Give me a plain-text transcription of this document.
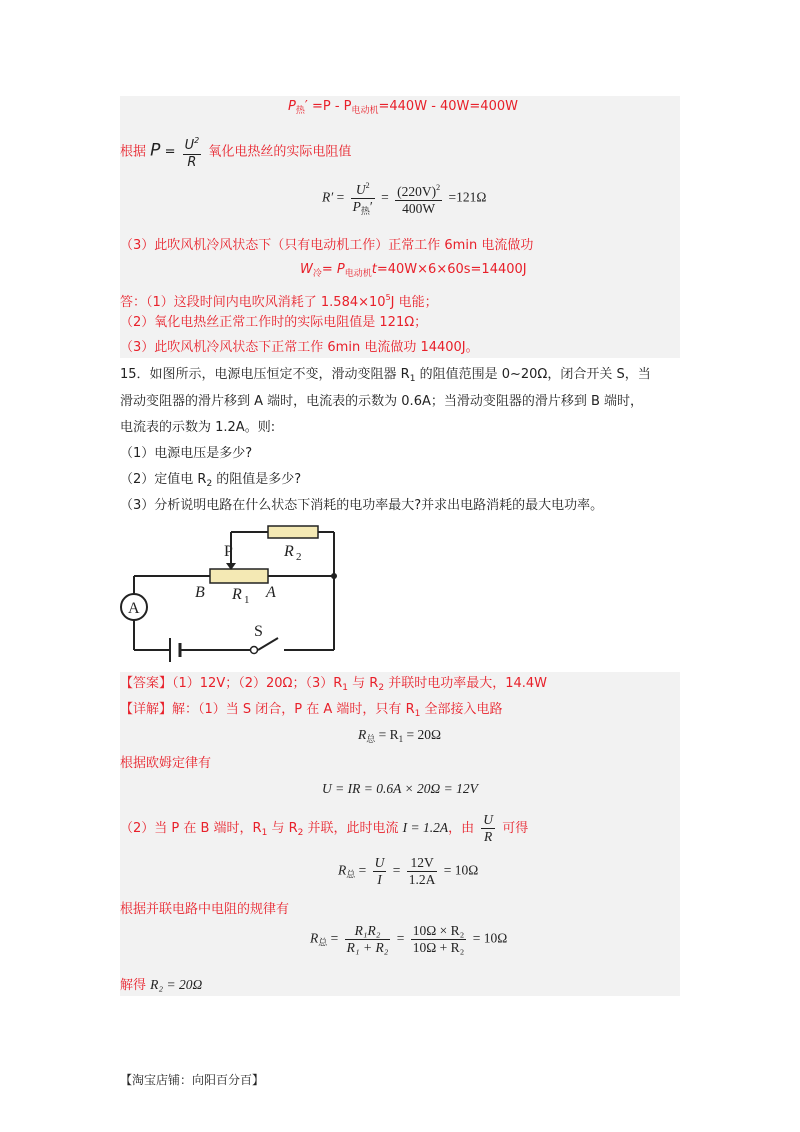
$P_热' =P - P_{电动机}=440W - 40W=400W$
根据 $P = \frac{U^2}{R}$ 氧化电热丝的实际电阻值
$R' = \frac{U^2}{P_热'} = \frac{(220V)^2}{400W} =121\Omega$
（3）此吹风机冷风状态下（只有电动机工作）正常工作 6min 电流做功
$W_冷= P_{电动机}t=40W\times 6\times 60s=14400J$
答：（1）这段时间内电吹风消耗了 $1.584\times 10^5J$ 电能；
（2）氧化电热丝正常工作时的实际电阻值是 121Ω；
（3）此吹风机冷风状态下正常工作 6min 电流做功 14400J。
15．如图所示，电源电压恒定不变，滑动变阻器 $R_1$ 的阻值范围是 0~20Ω，闭合开关 S，当
滑动变阻器的滑片移到 A 端时，电流表的示数为 0.6A；当滑动变阻器的滑片移到 B 端时，
电流表的示数为 1.2A。则:
（1）电源电压是多少?
（2）定值电 $R_2$ 的阻值是多少?
（3）分析说明电路在什么状态下消耗的电功率最大?并求出电路消耗的最大电功率。
P	R 2
B R 1 A
A
S
【答案】（1）12V；（2）20Ω；$(3)R_1$ 与 $R_2$ 并联时电功率最大，14.4W
【详解】解：（1）当 S 闭合，P 在 A 端时，只有 $R_1$ 全部接入电路
$R_总 = R_1 = 20\Omega$
根据欧姆定律有
U = IR = 0.6A × 20Ω = 12V
（2）当 P 在 B 端时，$R_1$ 与 $R_2$ 并联，此时电流 I = 1.2A，由 $\frac{U}{R}$ 可得
$R_总 = \frac{U}{I} = \frac{12V}{1.2A} = 10\Omega$
根据并联电路中电阻的规律有
$R_总 = \frac{\text{R₁R₂}}{\text{R₁ + R₂}} = \frac{\text{10Ω × R₂}}{\text{10Ω + R₂}} = 10\Omega$
解得 R₂ = 20Ω
【淘宝店铺：向阳百分百】
